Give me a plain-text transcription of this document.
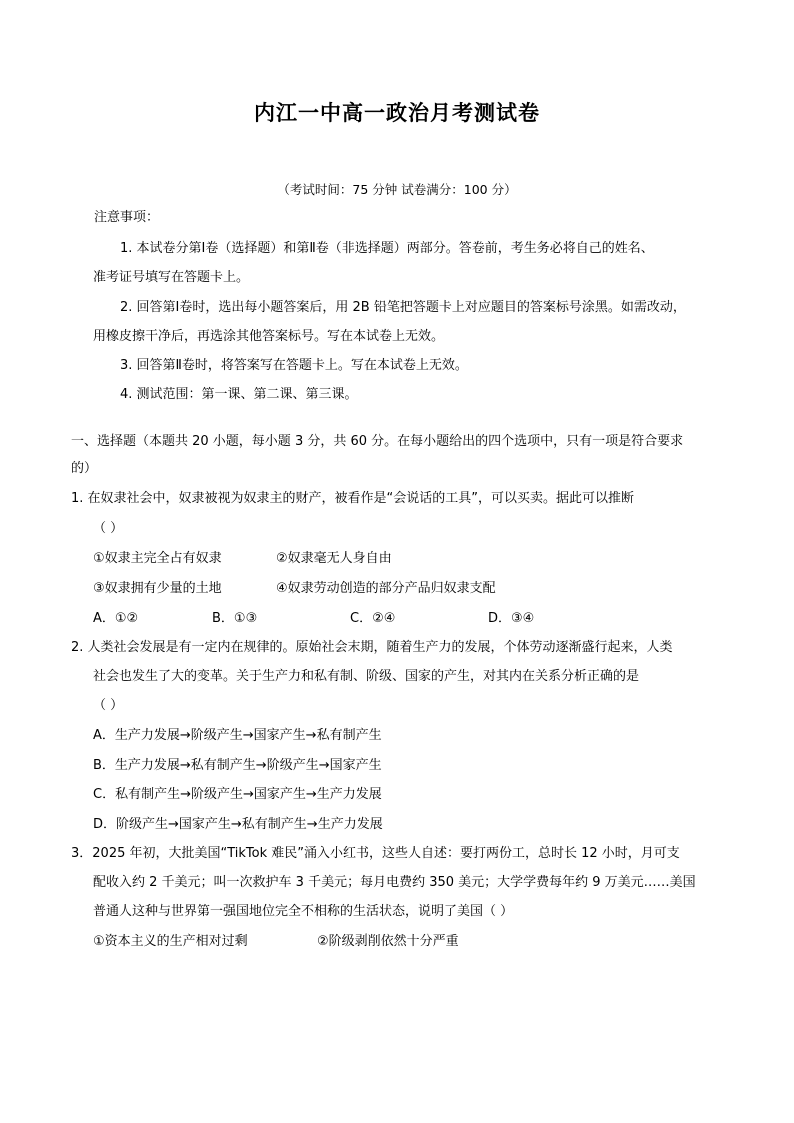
内江一中高一政治月考测试卷
（考试时间：75 分钟 试卷满分：100 分）
注意事项：
1. 本试卷分第Ⅰ卷（选择题）和第Ⅱ卷（非选择题）两部分。答卷前，考生务必将自己的姓名、
准考证号填写在答题卡上。
2. 回答第Ⅰ卷时，选出每小题答案后，用 2B 铅笔把答题卡上对应题目的答案标号涂黑。如需改动，
用橡皮擦干净后，再选涂其他答案标号。写在本试卷上无效。
3. 回答第Ⅱ卷时，将答案写在答题卡上。写在本试卷上无效。
4. 测试范围：第一课、第二课、第三课。
一、选择题（本题共 20 小题，每小题 3 分，共 60 分。在每小题给出的四个选项中，只有一项是符合要求
的）
1. 在奴隶社会中，奴隶被视为奴隶主的财产，被看作是“会说话的工具”，可以买卖。据此可以推断
（ ）
①奴隶主完全占有奴隶	②奴隶毫无人身自由
③奴隶拥有少量的土地	④奴隶劳动创造的部分产品归奴隶支配
A．①②	B．①③	C．②④	D．③④
2. 人类社会发展是有一定内在规律的。原始社会末期，随着生产力的发展，个体劳动逐渐盛行起来，人类
社会也发生了大的变革。关于生产力和私有制、阶级、国家的产生，对其内在关系分析正确的是
（ ）
A．生产力发展→阶级产生→国家产生→私有制产生
B．生产力发展→私有制产生→阶级产生→国家产生
C．私有制产生→阶级产生→国家产生→生产力发展
D．阶级产生→国家产生→私有制产生→生产力发展
3．2025 年初，大批美国“TikTok 难民”涌入小红书，这些人自述：要打两份工，总时长 12 小时，月可支
配收入约 2 千美元；叫一次救护车 3 千美元；每月电费约 350 美元；大学学费每年约 9 万美元……美国
普通人这种与世界第一强国地位完全不相称的生活状态，说明了美国（ ）
①资本主义的生产相对过剩	②阶级剥削依然十分严重
